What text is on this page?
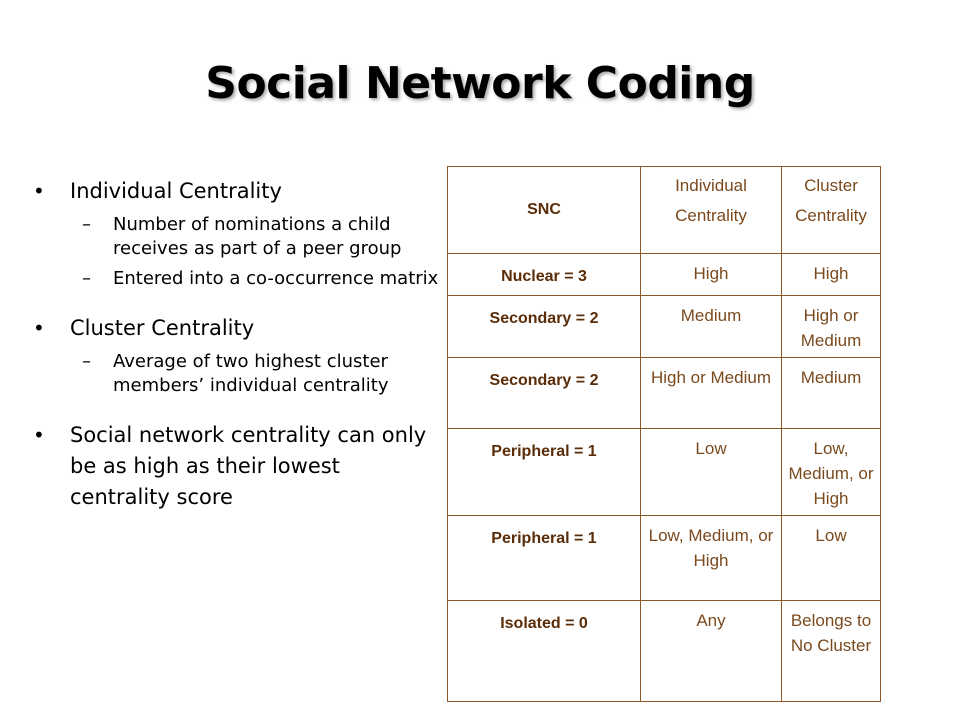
Social Network Coding
• Individual Centrality
– Number of nominations a child receives as part of a peer group
– Entered into a co-occurrence matrix
• Cluster Centrality
– Average of two highest cluster members’ individual centrality
• Social network centrality can only be as high as their lowest centrality score
SNC	Individual Centrality	Cluster Centrality
Nuclear = 3	High	High
Secondary = 2	Medium	High or Medium
Secondary = 2	High or Medium	Medium
Peripheral = 1	Low	Low, Medium, or High
Peripheral = 1	Low, Medium, or High	Low
Isolated = 0	Any	Belongs to No Cluster
